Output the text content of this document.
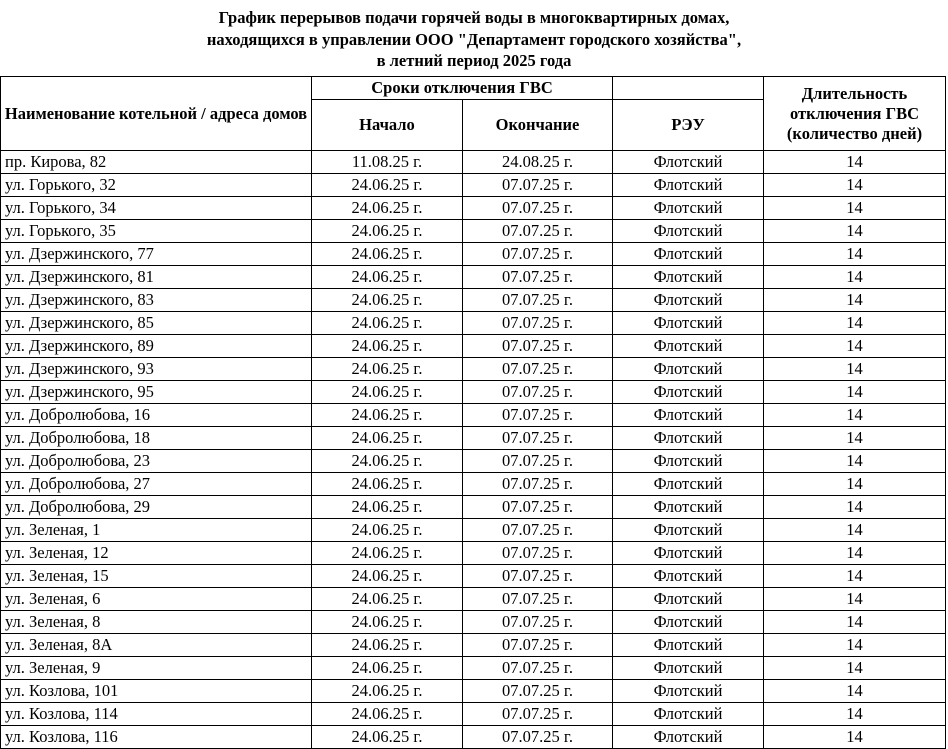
График перерывов подачи горячей воды в многоквартирных домах,
находящихся в управлении ООО "Департамент городского хозяйства",
в летний период 2025 года
Наименование котельной / адреса домов	Сроки отключения ГВС			Длительность отключения ГВС (количество дней)
	Начало	Окончание	РЭУ	
пр. Кирова, 82	11.08.25 г.	24.08.25 г.	Флотский	14
ул. Горького, 32	24.06.25 г.	07.07.25 г.	Флотский	14
ул. Горького, 34	24.06.25 г.	07.07.25 г.	Флотский	14
ул. Горького, 35	24.06.25 г.	07.07.25 г.	Флотский	14
ул. Дзержинского, 77	24.06.25 г.	07.07.25 г.	Флотский	14
ул. Дзержинского, 81	24.06.25 г.	07.07.25 г.	Флотский	14
ул. Дзержинского, 83	24.06.25 г.	07.07.25 г.	Флотский	14
ул. Дзержинского, 85	24.06.25 г.	07.07.25 г.	Флотский	14
ул. Дзержинского, 89	24.06.25 г.	07.07.25 г.	Флотский	14
ул. Дзержинского, 93	24.06.25 г.	07.07.25 г.	Флотский	14
ул. Дзержинского, 95	24.06.25 г.	07.07.25 г.	Флотский	14
ул. Добролюбова, 16	24.06.25 г.	07.07.25 г.	Флотский	14
ул. Добролюбова, 18	24.06.25 г.	07.07.25 г.	Флотский	14
ул. Добролюбова, 23	24.06.25 г.	07.07.25 г.	Флотский	14
ул. Добролюбова, 27	24.06.25 г.	07.07.25 г.	Флотский	14
ул. Добролюбова, 29	24.06.25 г.	07.07.25 г.	Флотский	14
ул. Зеленая, 1	24.06.25 г.	07.07.25 г.	Флотский	14
ул. Зеленая, 12	24.06.25 г.	07.07.25 г.	Флотский	14
ул. Зеленая, 15	24.06.25 г.	07.07.25 г.	Флотский	14
ул. Зеленая, 6	24.06.25 г.	07.07.25 г.	Флотский	14
ул. Зеленая, 8	24.06.25 г.	07.07.25 г.	Флотский	14
ул. Зеленая, 8А	24.06.25 г.	07.07.25 г.	Флотский	14
ул. Зеленая, 9	24.06.25 г.	07.07.25 г.	Флотский	14
ул. Козлова, 101	24.06.25 г.	07.07.25 г.	Флотский	14
ул. Козлова, 114	24.06.25 г.	07.07.25 г.	Флотский	14
ул. Козлова, 116	24.06.25 г.	07.07.25 г.	Флотский	14
